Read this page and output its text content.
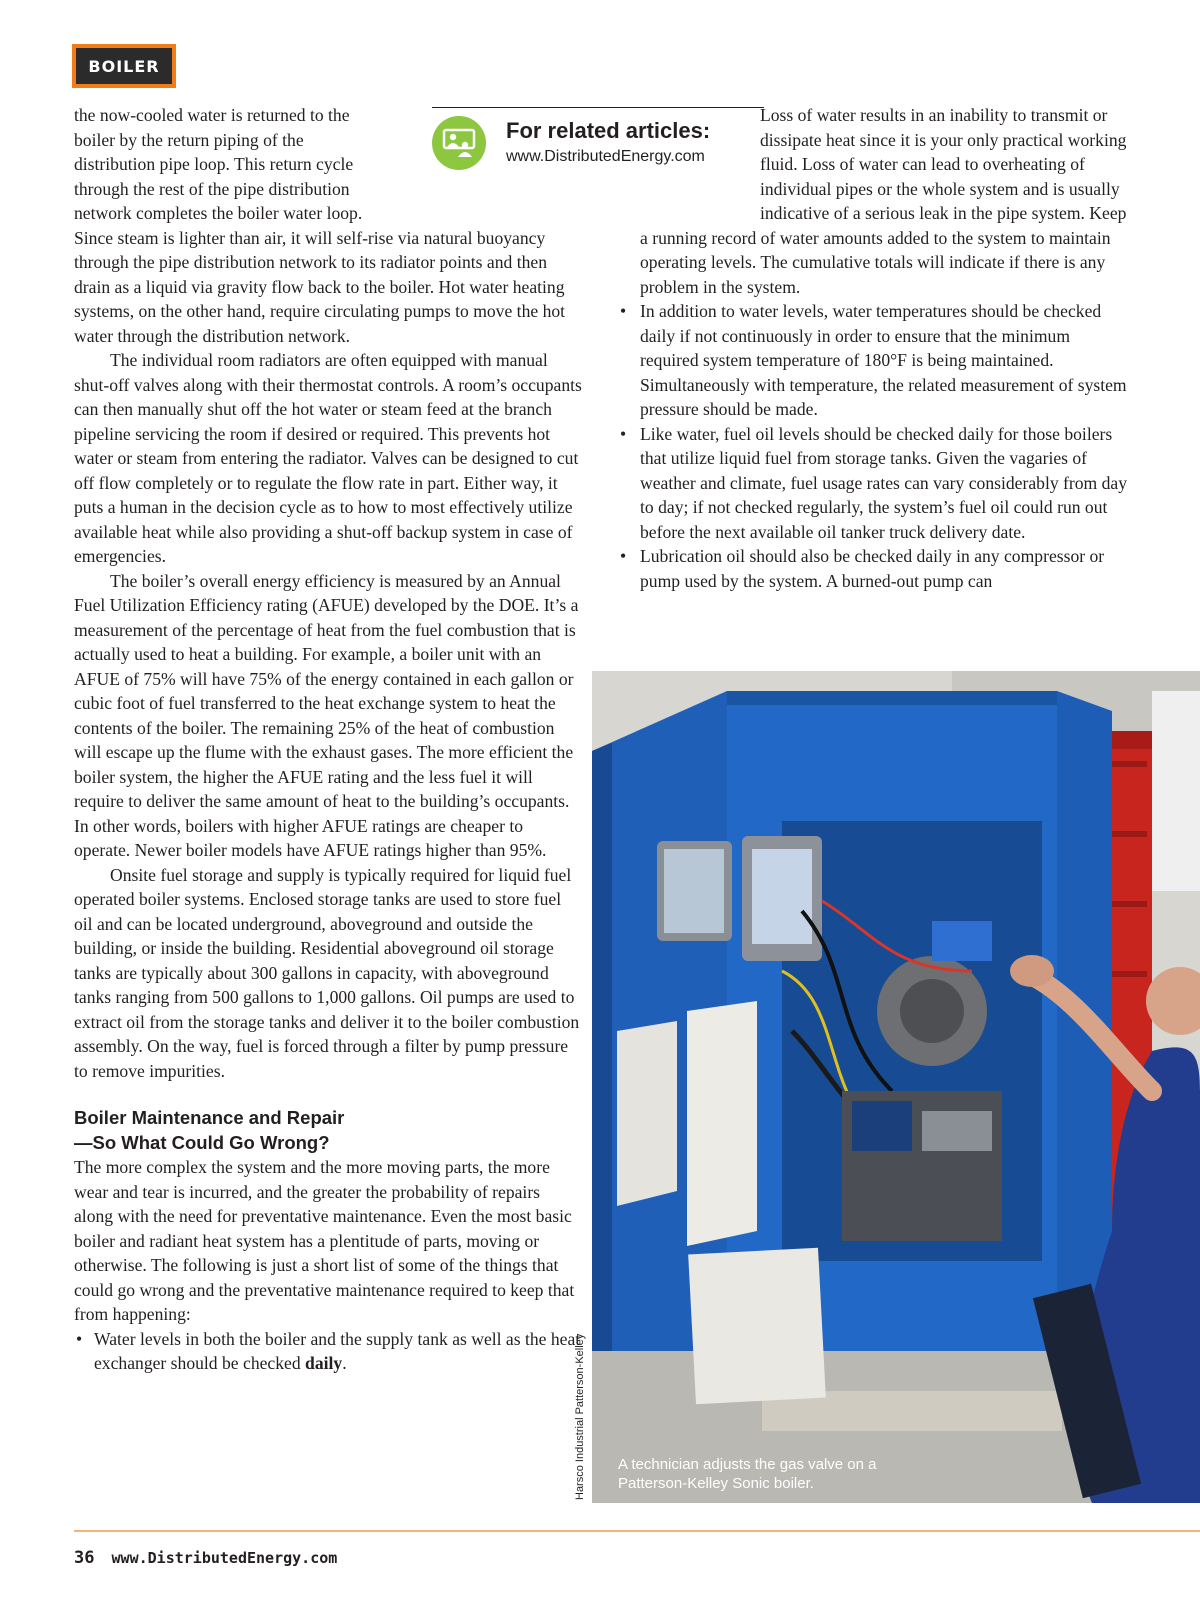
BOILER
For related articles:
www.DistributedEnergy.com

the now-cooled water is returned to the boiler by the return piping of the distribution pipe loop. This return cycle through the rest of the pipe distribution network completes the boiler water loop. Since steam is lighter than air, it will self-rise via natural buoyancy through the pipe distribution network to its radiator points and then drain as a liquid via gravity flow back to the boiler. Hot water heating systems, on the other hand, require circulating pumps to move the hot water through the distribution network.

The individual room radiators are often equipped with manual shut-off valves along with their thermostat controls. A room’s occupants can then manually shut off the hot water or steam feed at the branch pipeline servicing the room if desired or required. This prevents hot water or steam from entering the radiator. Valves can be designed to cut off flow completely or to regulate the flow rate in part. Either way, it puts a human in the decision cycle as to how to most effectively utilize available heat while also providing a shut-off backup system in case of emergencies.

The boiler’s overall energy efficiency is measured by an Annual Fuel Utilization Efficiency rating (AFUE) developed by the DOE. It’s a measurement of the percentage of heat from the fuel combustion that is actually used to heat a building. For example, a boiler unit with an AFUE of 75% will have 75% of the energy contained in each gallon or cubic foot of fuel transferred to the heat exchange system to heat the contents of the boiler. The remaining 25% of the heat of combustion will escape up the flume with the exhaust gases. The more efficient the boiler system, the higher the AFUE rating and the less fuel it will require to deliver the same amount of heat to the building’s occupants. In other words, boilers with higher AFUE ratings are cheaper to operate. Newer boiler models have AFUE ratings higher than 95%.

Onsite fuel storage and supply is typically required for liquid fuel operated boiler systems. Enclosed storage tanks are used to store fuel oil and can be located underground, aboveground and outside the building, or inside the building. Residential aboveground oil storage tanks are typically about 300 gallons in capacity, with aboveground tanks ranging from 500 gallons to 1,000 gallons. Oil pumps are used to extract oil from the storage tanks and deliver it to the boiler combustion assembly. On the way, fuel is forced through a filter by pump pressure to remove impurities.

Boiler Maintenance and Repair
—So What Could Go Wrong?

The more complex the system and the more moving parts, the more wear and tear is incurred, and the greater the probability of repairs along with the need for preventative maintenance. Even the most basic boiler and radiant heat system has a plentitude of parts, moving or otherwise. The following is just a short list of some of the things that could go wrong and the preventative maintenance required to keep that from happening:

• Water levels in both the boiler and the supply tank as well as the heat exchanger should be checked daily.

Loss of water results in an inability to transmit or dissipate heat since it is your only practical working fluid. Loss of water can lead to overheating of individual pipes or the whole system and is usually indicative of a serious leak in the pipe system. Keep a running record of water amounts added to the system to maintain operating levels. The cumulative totals will indicate if there is any problem in the system.

• In addition to water levels, water temperatures should be checked daily if not continuously in order to ensure that the minimum required system temperature of 180°F is being maintained. Simultaneously with temperature, the related measurement of system pressure should be made.
• Like water, fuel oil levels should be checked daily for those boilers that utilize liquid fuel from storage tanks. Given the vagaries of weather and climate, fuel usage rates can vary considerably from day to day; if not checked regularly, the system’s fuel oil could run out before the next available oil tanker truck delivery date.
• Lubrication oil should also be checked daily in any compressor or pump used by the system. A burned-out pump can
A technician adjusts the gas valve on a Patterson-Kelley Sonic boiler.
Harsco Industrial Patterson-Kelley
36 www.DistributedEnergy.com
